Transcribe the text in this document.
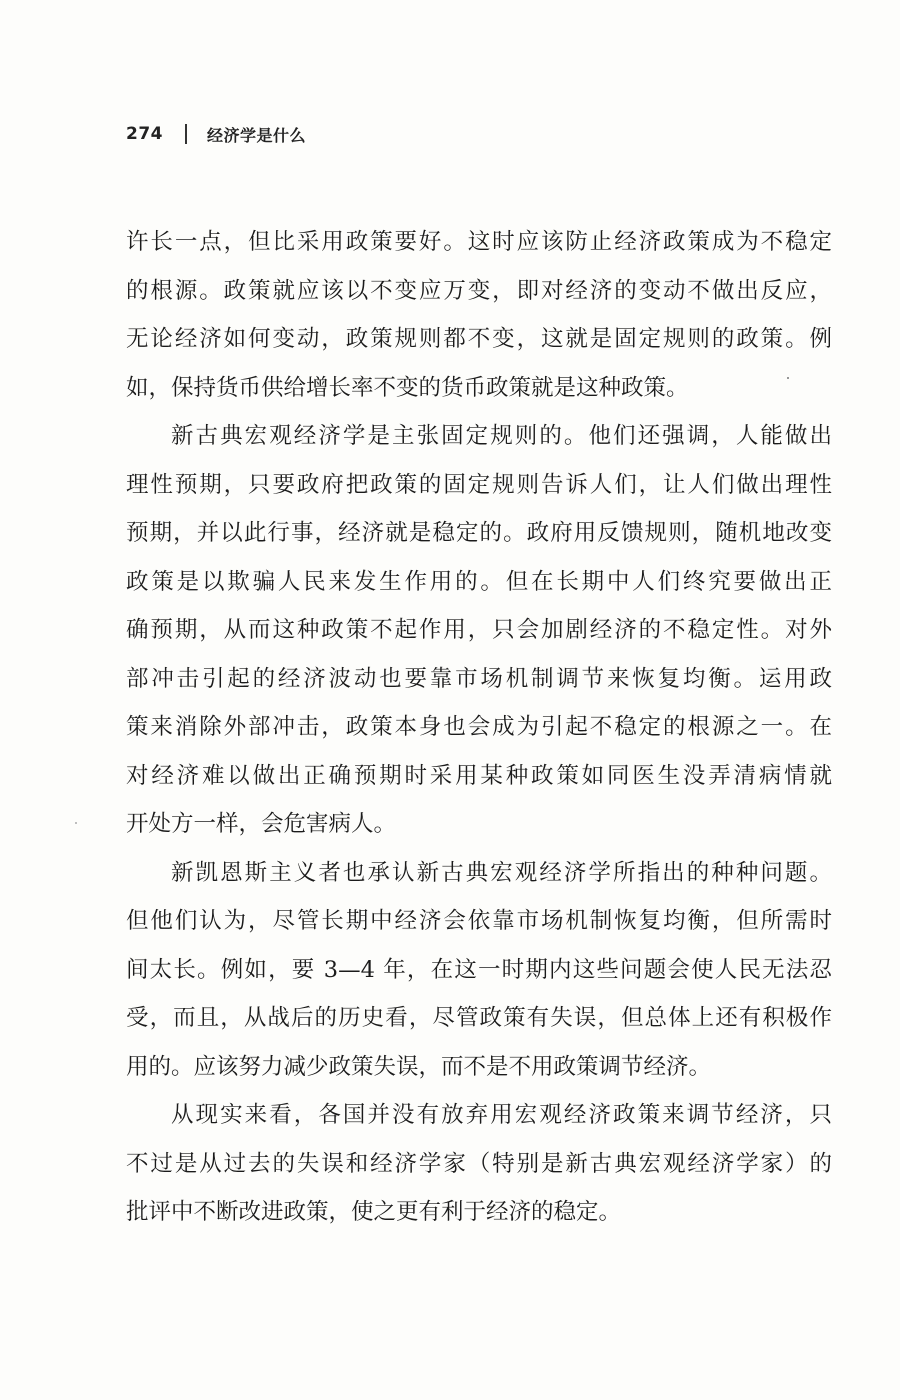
274	经济学是什么
许长一点，但比采用政策要好。这时应该防止经济政策成为不稳定
的根源。政策就应该以不变应万变，即对经济的变动不做出反应，
无论经济如何变动，政策规则都不变，这就是固定规则的政策。例
如，保持货币供给增长率不变的货币政策就是这种政策。
新古典宏观经济学是主张固定规则的。他们还强调，人能做出
理性预期，只要政府把政策的固定规则告诉人们，让人们做出理性
预期，并以此行事，经济就是稳定的。政府用反馈规则，随机地改变
政策是以欺骗人民来发生作用的。但在长期中人们终究要做出正
确预期，从而这种政策不起作用，只会加剧经济的不稳定性。对外
部冲击引起的经济波动也要靠市场机制调节来恢复均衡。运用政
策来消除外部冲击，政策本身也会成为引起不稳定的根源之一。在
对经济难以做出正确预期时采用某种政策如同医生没弄清病情就
开处方一样，会危害病人。
新凯恩斯主义者也承认新古典宏观经济学所指出的种种问题。
但他们认为，尽管长期中经济会依靠市场机制恢复均衡，但所需时
间太长。例如，要 3—4 年，在这一时期内这些问题会使人民无法忍
受，而且，从战后的历史看，尽管政策有失误，但总体上还有积极作
用的。应该努力减少政策失误，而不是不用政策调节经济。
从现实来看，各国并没有放弃用宏观经济政策来调节经济，只
不过是从过去的失误和经济学家（特别是新古典宏观经济学家）的
批评中不断改进政策，使之更有利于经济的稳定。
